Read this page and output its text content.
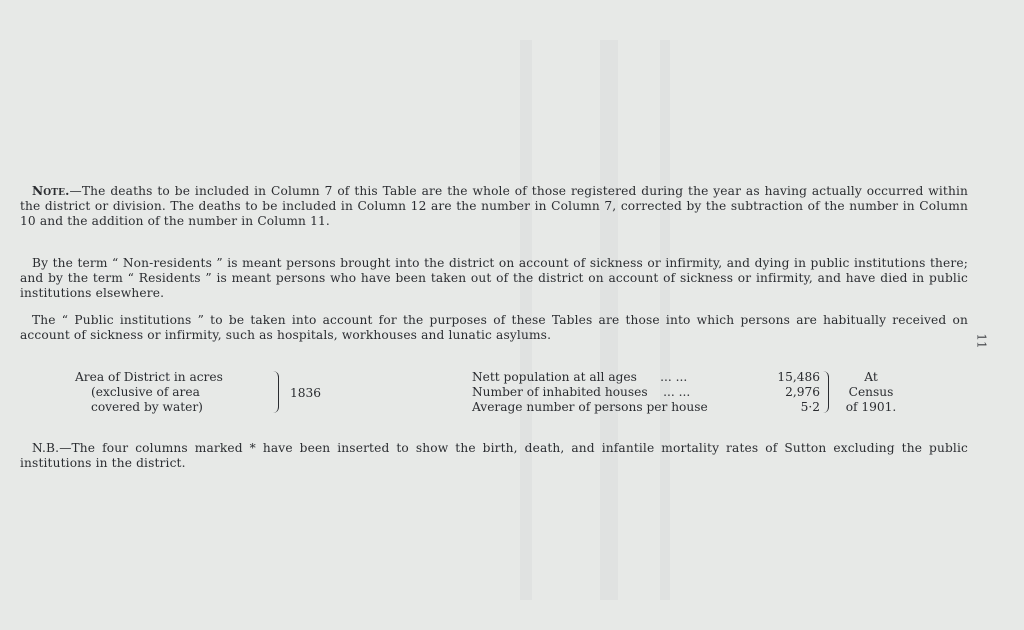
Note.—The deaths to be included in Column 7 of this Table are the whole of those registered during the year as having actually occurred within the district or division. The deaths to be included in Column 12 are the number in Column 7, corrected by the subtraction of the number in Column 10 and the addition of the number in Column 11.

By the term “ Non-residents ” is meant persons brought into the district on account of sickness or infirmity, and dying in public institutions there; and by the term “ Residents ” is meant persons who have been taken out of the district on account of sickness or infirmity, and have died in public institutions elsewhere.

The “ Public institutions ” to be taken into account for the purposes of these Tables are those into which persons are habitually received on account of sickness or infirmity, such as hospitals, workhouses and lunatic asylums.

Area of District in acres
(exclusive of area
covered by water)
1836
Nett population at all ages ... ...
Number of inhabited houses ... ...
Average number of persons per house
15,486
2,976
5·2
At
Census
of 1901.

N.B.—The four columns marked * have been inserted to show the birth, death, and infantile mortality rates of Sutton excluding the public institutions in the district.

11
